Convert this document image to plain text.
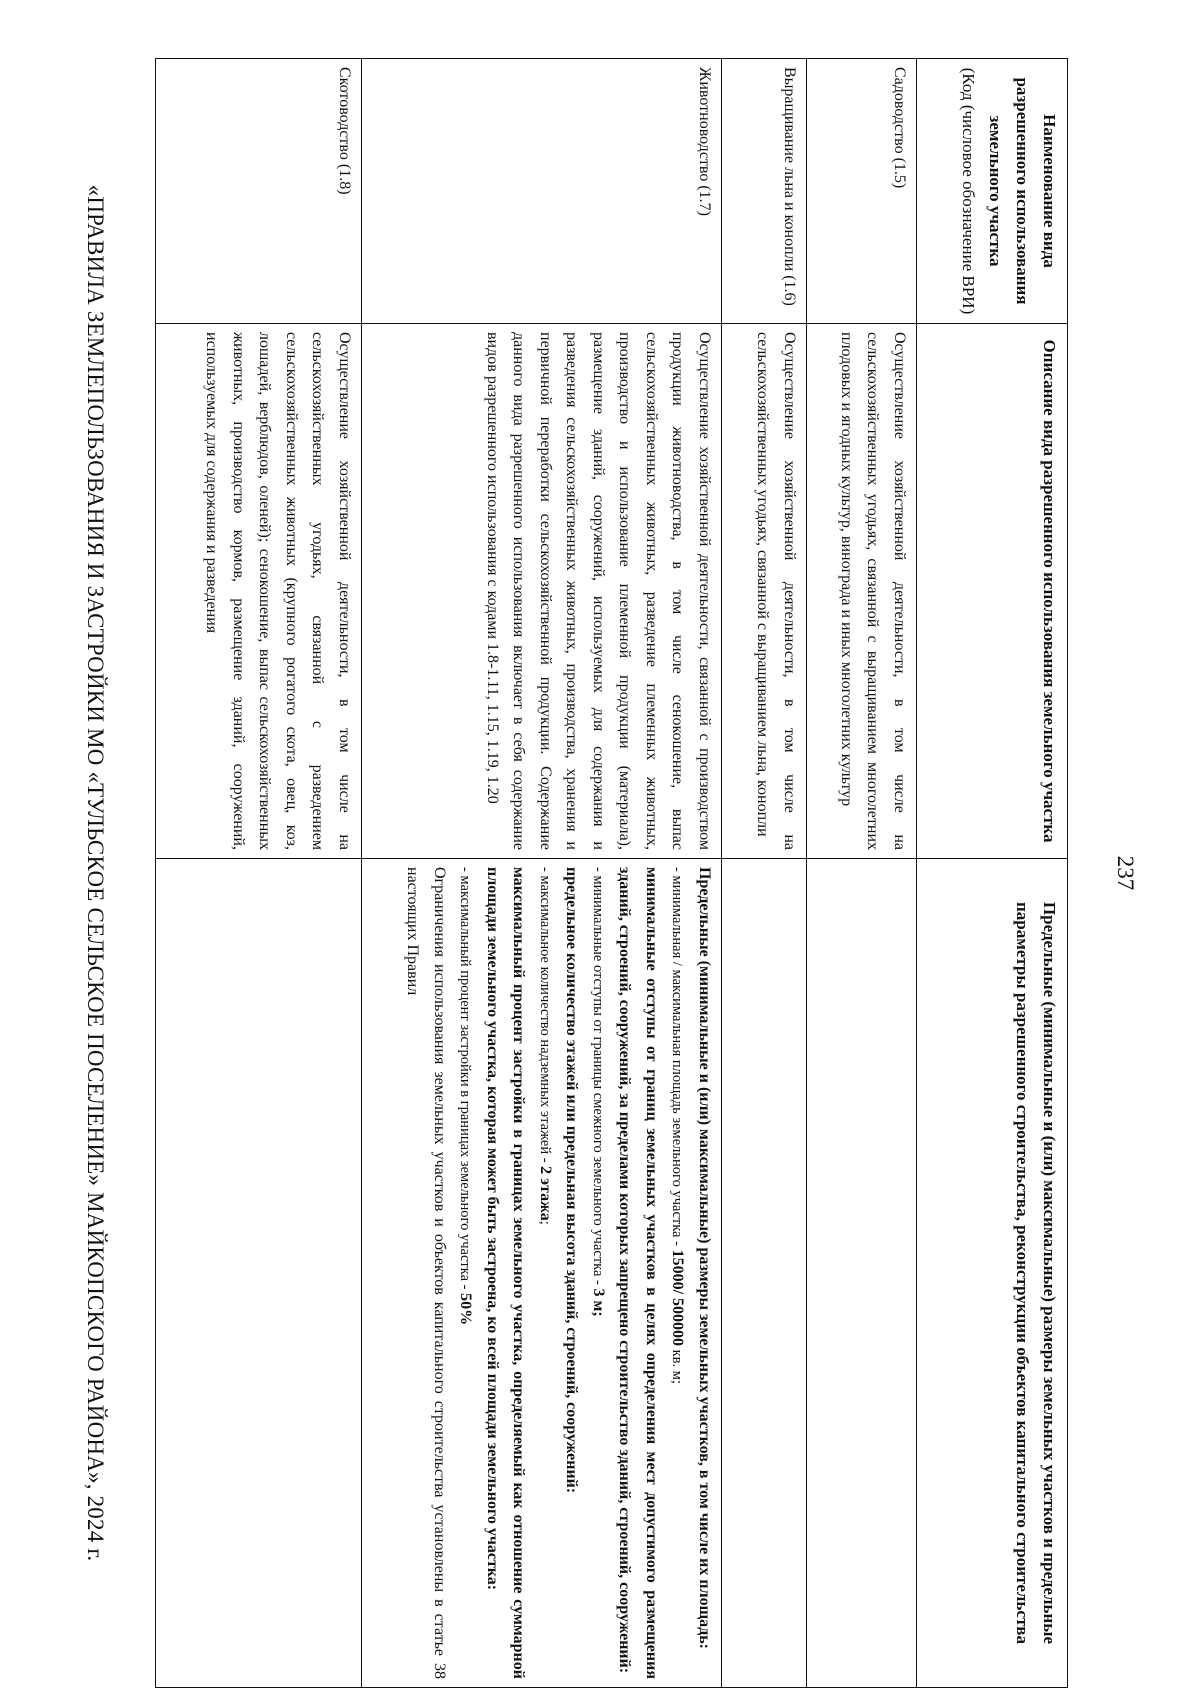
237
Наименование вида разрешенного использования земельного участка
(Код (числовое обозначение ВРИ)
Описание вида разрешенного использования земельного участка
Предельные (минимальные и (или) максимальные) размеры земельных участков и предельные параметры разрешенного строительства, реконструкции объектов капитального строительства
Садоводство (1.5)
Осуществление хозяйственной деятельности, в том числе на сельскохозяйственных угодьях, связанной с выращиванием многолетних плодовых и ягодных культур, винограда и иных многолетних культур
Выращивание льна и конопли (1.6)
Осуществление хозяйственной деятельности, в том числе на сельскохозяйственных угодьях, связанной с выращиванием льна, конопли
Животноводство (1.7)
Осуществление хозяйственной деятельности, связанной с производством продукции животноводства, в том числе сенокошение, выпас сельскохозяйственных животных, разведение племенных животных, производство и использование племенной продукции (материала), размещение зданий, сооружений, используемых для содержания и разведения сельскохозяйственных животных, производства, хранения и первичной переработки сельскохозяйственной продукции. Содержание данного вида разрешенного использования включает в себя содержание видов разрешенного использования с кодами 1.8-1.11, 1.15, 1.19, 1.20
Предельные (минимальные и (или) максимальные) размеры земельных участков, в том числе их площадь:
- минимальная / максимальная площадь земельного участка - 15000/ 500000 кв. м;
минимальные отступы от границ земельных участков в целях определения мест допустимого размещения зданий, строений, сооружений, за пределами которых запрещено строительство зданий, строений, сооружений:
- минимальные отступы от границы смежного земельного участка - 3 м;
предельное количество этажей или предельная высота зданий, строений, сооружений:
- максимальное количество надземных этажей - 2 этажа;
максимальный процент застройки в границах земельного участка, определяемый как отношение суммарной площади земельного участка, которая может быть застроена, ко всей площади земельного участка:
- максимальный процент застройки в границах земельного участка - 50%
Ограничения использования земельных участков и объектов капитального строительства установлены в статье 38 настоящих Правил
Скотоводство (1.8)
Осуществление хозяйственной деятельности, в том числе на сельскохозяйственных угодьях, связанной с разведением сельскохозяйственных животных (крупного рогатого скота, овец, коз, лошадей, верблюдов, оленей); сенокошение, выпас сельскохозяйственных животных, производство кормов, размещение зданий, сооружений, используемых для содержания и разведения
«ПРАВИЛА ЗЕМЛЕПОЛЬЗОВАНИЯ И ЗАСТРОЙКИ МО «ТУЛЬСКОЕ СЕЛЬСКОЕ ПОСЕЛЕНИЕ» МАЙКОПСКОГО РАЙОНА», 2024 г.
